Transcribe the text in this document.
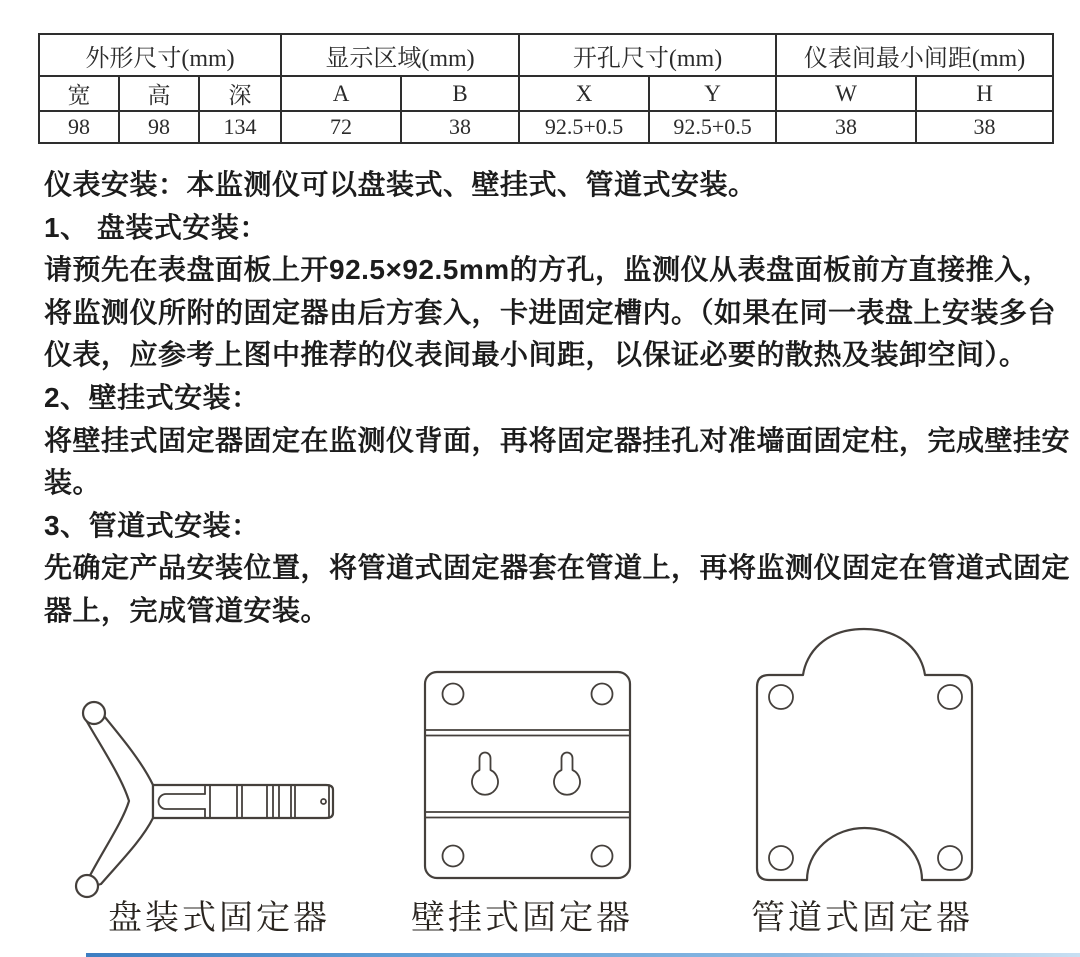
外形尺寸(mm)			显示区域(mm)		开孔尺寸(mm)		仪表间最小间距(mm)	
宽	高	深	A	B	X	Y	W	H
98	98	134	72	38	92.5+0.5	92.5+0.5	38	38

仪表安装：本监测仪可以盘装式、壁挂式、管道式安装。

1、 盘装式安装：

请预先在表盘面板上开92.5×92.5mm的方孔，监测仪从表盘面板前方直接推入，

将监测仪所附的固定器由后方套入，卡进固定槽内。（如果在同一表盘上安装多台

仪表，应参考上图中推荐的仪表间最小间距，以保证必要的散热及装卸空间）。

2、壁挂式安装：

将壁挂式固定器固定在监测仪背面，再将固定器挂孔对准墙面固定柱，完成壁挂安

装。

3、管道式安装：

先确定产品安装位置，将管道式固定器套在管道上，再将监测仪固定在管道式固定

器上，完成管道安装。

盘装式固定器	壁挂式固定器	管道式固定器
